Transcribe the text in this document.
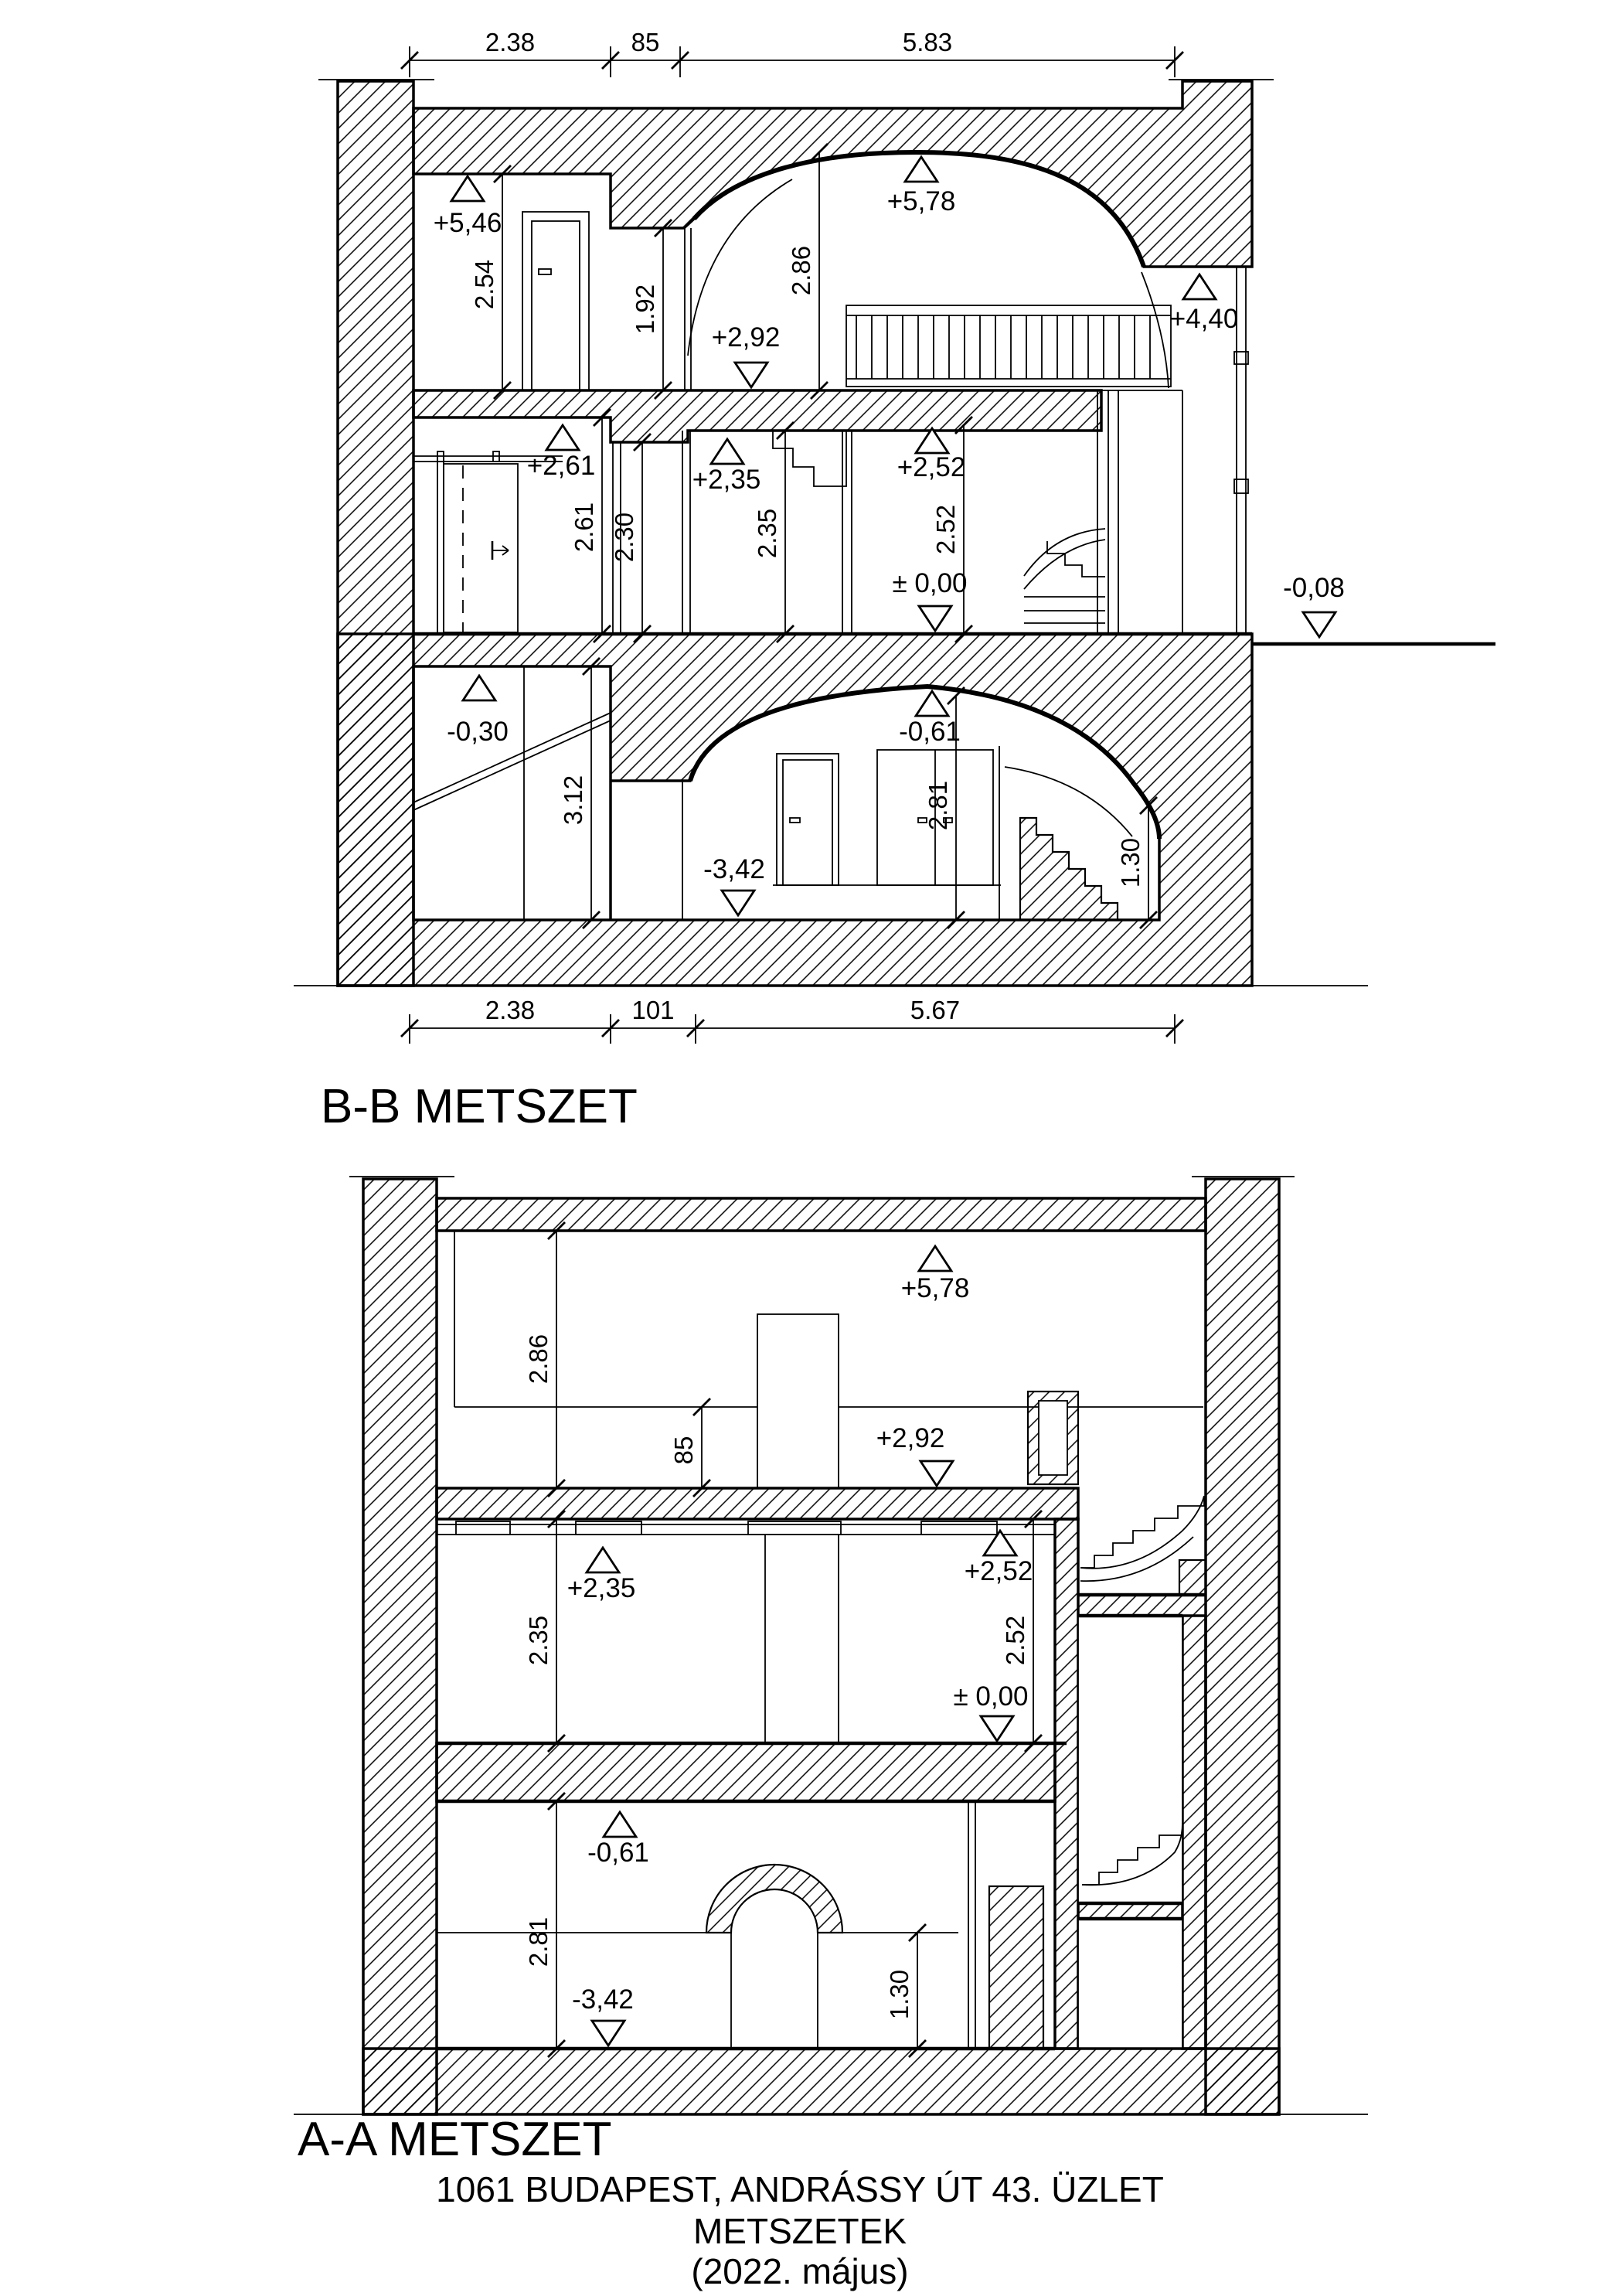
2.38	85	5.83
2.38	101	5.67
2.54	1.92
2.86
2.61 2.30	2.35	2.52
3.12	2.81
1.30
+5,46
+5,78
+2,92
+4,40
+2,61	+2,35	+2,52
± 0,00	-0,08
-0,30	-0,61
-3,42
B-B METSZET
2.86
85
2.35	2.52
2.81
1.30
+5,78
+2,92
+2,35
+2,52
± 0,00
-0,61
-3,42
A-A METSZET
1061 BUDAPEST, ANDRÁSSY ÚT 43. ÜZLET
METSZETEK
(2022. május)
